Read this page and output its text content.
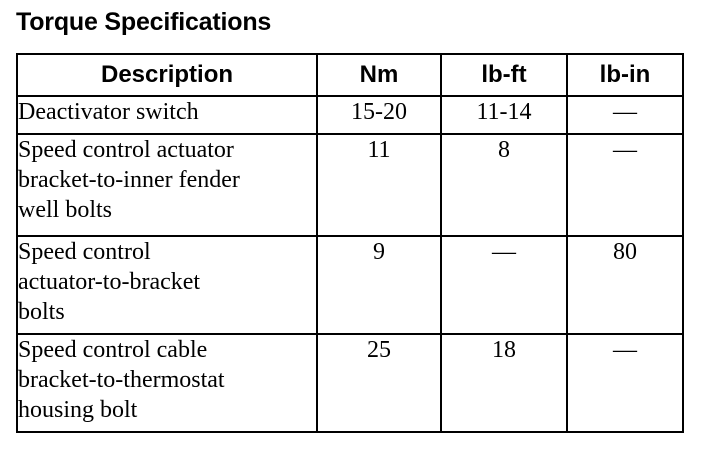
Torque Specifications
Description	Nm	lb-ft	lb-in
Deactivator switch	15-20	11-14	—
Speed control actuator
bracket-to-inner fender
well bolts	11	8	—
Speed control
actuator-to-bracket
bolts	9	—	80
Speed control cable
bracket-to-thermostat
housing bolt	25	18	—
